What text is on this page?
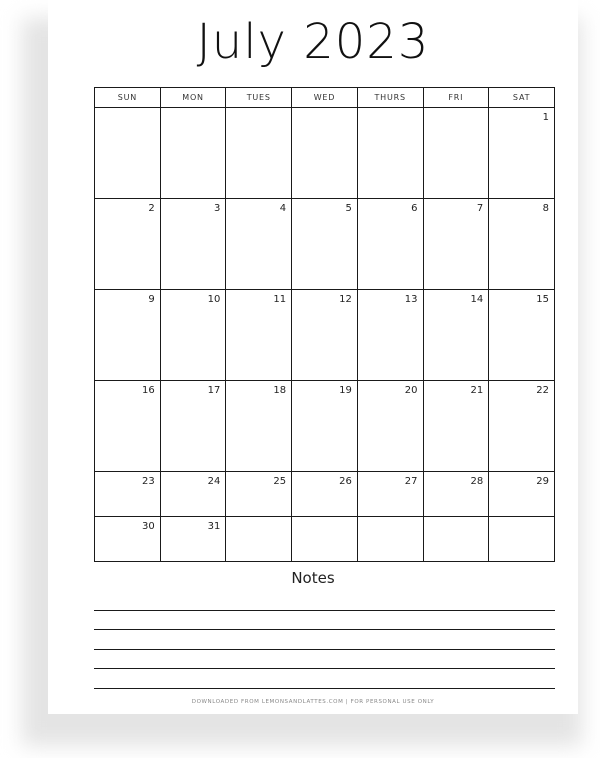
July 2023
SUN	MON	TUES	WED	THURS	FRI	SAT

						1

2	3	4	5	6	7	8

9	10	11	12	13	14	15

16	17	18	19	20	21	22

23	24	25	26	27	28	29

30	31					

Notes
DOWNLOADED FROM LEMONSANDLATTES.COM | FOR PERSONAL USE ONLY
